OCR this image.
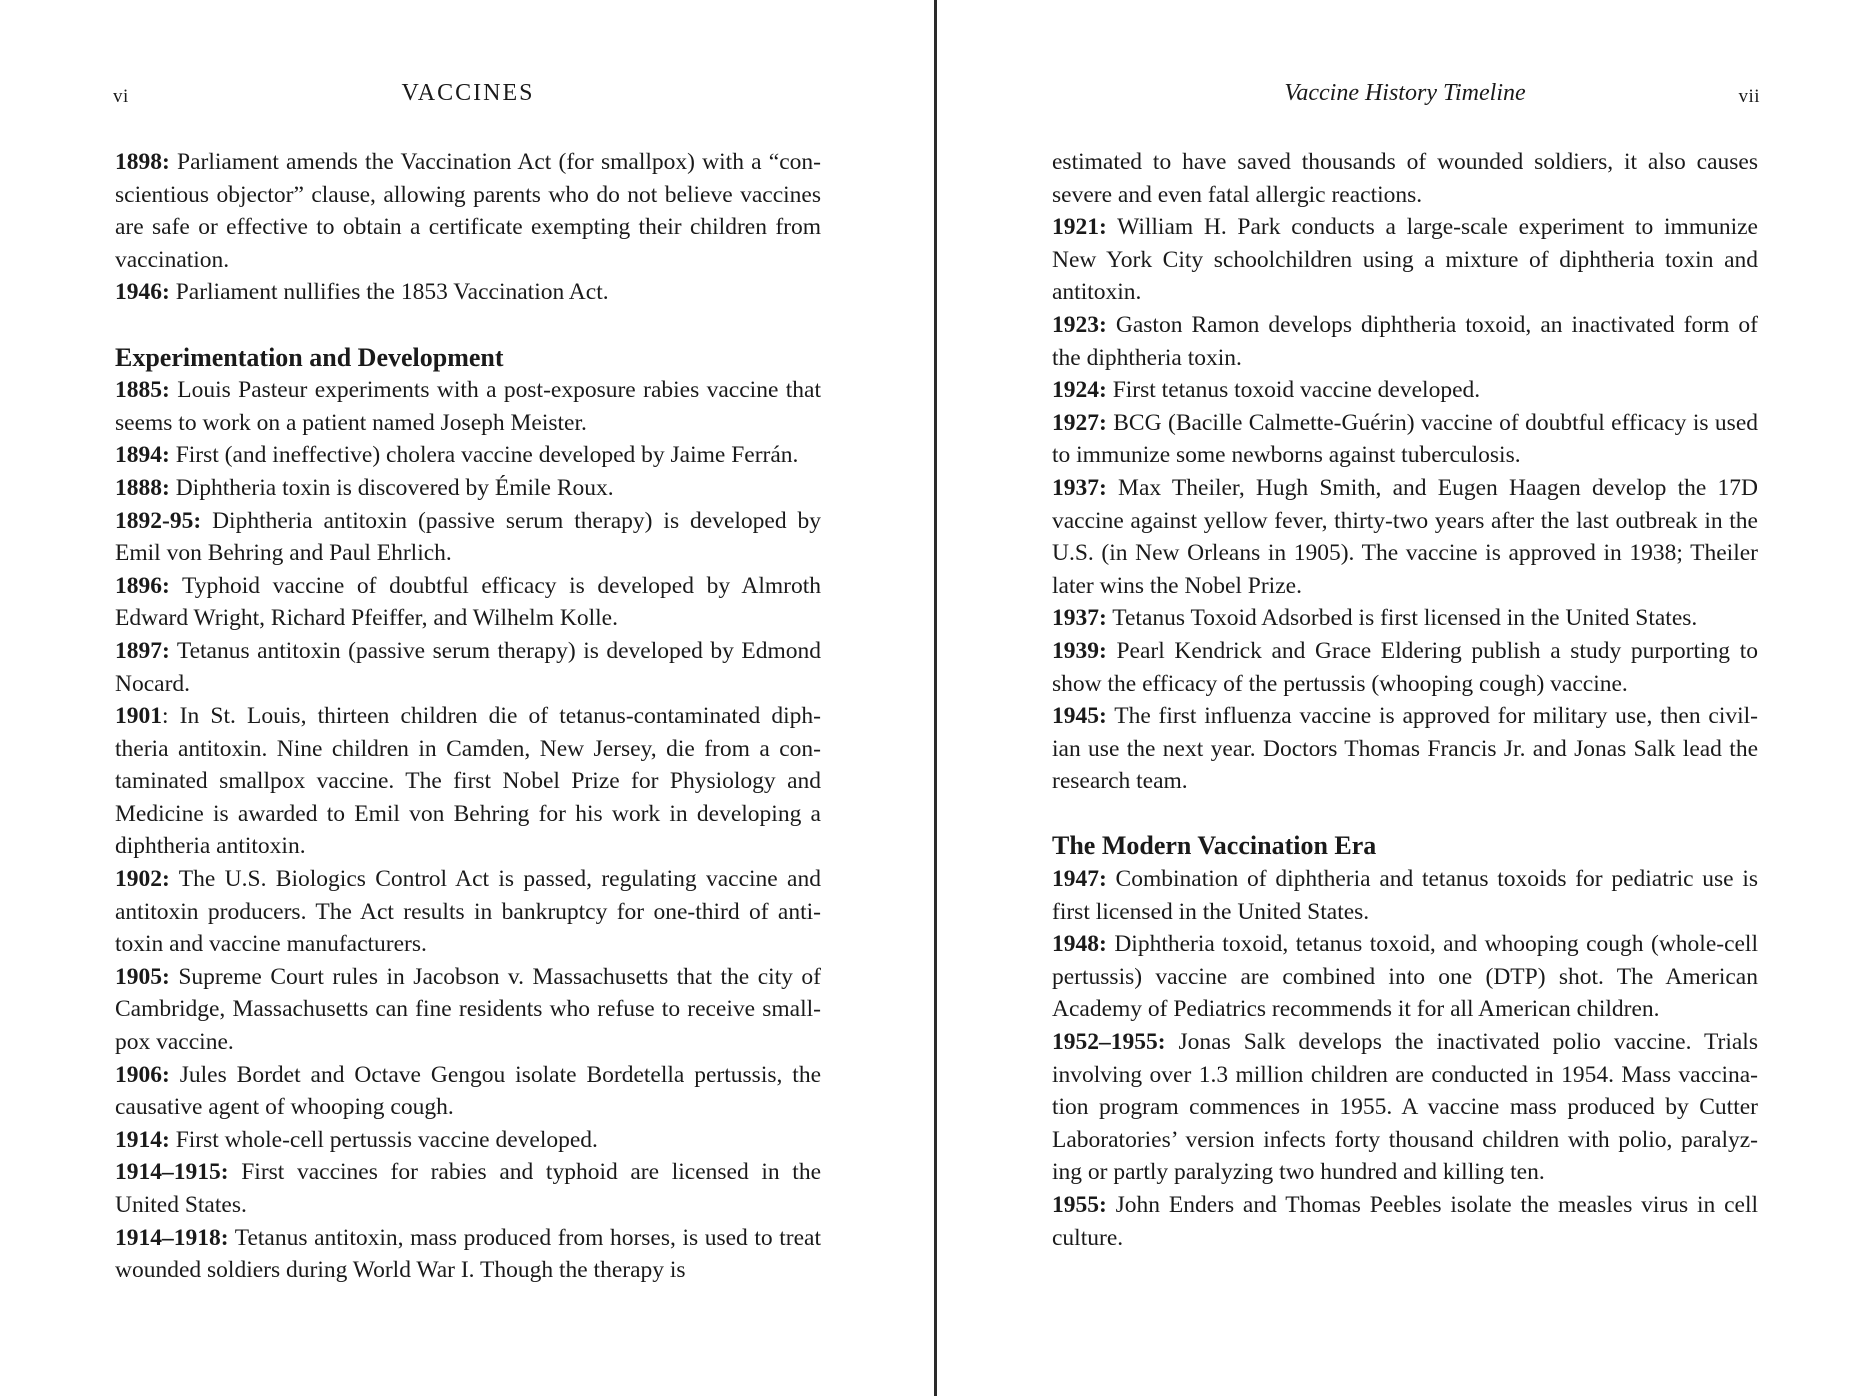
vi	VACCINES

1898: Parliament amends the Vaccination Act (for smallpox) with a “con-scientious objector” clause, allowing parents who do not believe vaccines are safe or effective to obtain a certificate exempting their children from vaccination.

1946: Parliament nullifies the 1853 Vaccination Act.

Experimentation and Development

1885: Louis Pasteur experiments with a post-exposure rabies vaccine that seems to work on a patient named Joseph Meister.

1894: First (and ineffective) cholera vaccine developed by Jaime Ferrán.

1888: Diphtheria toxin is discovered by Émile Roux.

1892-95: Diphtheria antitoxin (passive serum therapy) is developed by Emil von Behring and Paul Ehrlich.

1896: Typhoid vaccine of doubtful efficacy is developed by Almroth Edward Wright, Richard Pfeiffer, and Wilhelm Kolle.

1897: Tetanus antitoxin (passive serum therapy) is developed by Edmond Nocard.

1901: In St. Louis, thirteen children die of tetanus-contaminated diph-theria antitoxin. Nine children in Camden, New Jersey, die from a con-taminated smallpox vaccine. The first Nobel Prize for Physiology and Medicine is awarded to Emil von Behring for his work in developing a diphtheria antitoxin.

1902: The U.S. Biologics Control Act is passed, regulating vaccine and antitoxin producers. The Act results in bankruptcy for one-third of anti-toxin and vaccine manufacturers.

1905: Supreme Court rules in Jacobson v. Massachusetts that the city of Cambridge, Massachusetts can fine residents who refuse to receive small-pox vaccine.

1906: Jules Bordet and Octave Gengou isolate Bordetella pertussis, the causative agent of whooping cough.

1914: First whole-cell pertussis vaccine developed.

1914–1915: First vaccines for rabies and typhoid are licensed in the United States.

1914–1918: Tetanus antitoxin, mass produced from horses, is used to treat wounded soldiers during World War I. Though the therapy is

Vaccine History Timeline	vii

estimated to have saved thousands of wounded soldiers, it also causes severe and even fatal allergic reactions.

1921: William H. Park conducts a large-scale experiment to immunize New York City schoolchildren using a mixture of diphtheria toxin and antitoxin.

1923: Gaston Ramon develops diphtheria toxoid, an inactivated form of the diphtheria toxin.

1924: First tetanus toxoid vaccine developed.

1927: BCG (Bacille Calmette-Guérin) vaccine of doubtful efficacy is used to immunize some newborns against tuberculosis.

1937: Max Theiler, Hugh Smith, and Eugen Haagen develop the 17D vaccine against yellow fever, thirty-two years after the last outbreak in the U.S. (in New Orleans in 1905). The vaccine is approved in 1938; Theiler later wins the Nobel Prize.

1937: Tetanus Toxoid Adsorbed is first licensed in the United States.

1939: Pearl Kendrick and Grace Eldering publish a study purporting to show the efficacy of the pertussis (whooping cough) vaccine.

1945: The first influenza vaccine is approved for military use, then civil-ian use the next year. Doctors Thomas Francis Jr. and Jonas Salk lead the research team.

The Modern Vaccination Era

1947: Combination of diphtheria and tetanus toxoids for pediatric use is first licensed in the United States.

1948: Diphtheria toxoid, tetanus toxoid, and whooping cough (whole-cell pertussis) vaccine are combined into one (DTP) shot. The American Academy of Pediatrics recommends it for all American children.

1952–1955: Jonas Salk develops the inactivated polio vaccine. Trials involving over 1.3 million children are conducted in 1954. Mass vaccina-tion program commences in 1955. A vaccine mass produced by Cutter Laboratories’ version infects forty thousand children with polio, paralyz-ing or partly paralyzing two hundred and killing ten.

1955: John Enders and Thomas Peebles isolate the measles virus in cell culture.
